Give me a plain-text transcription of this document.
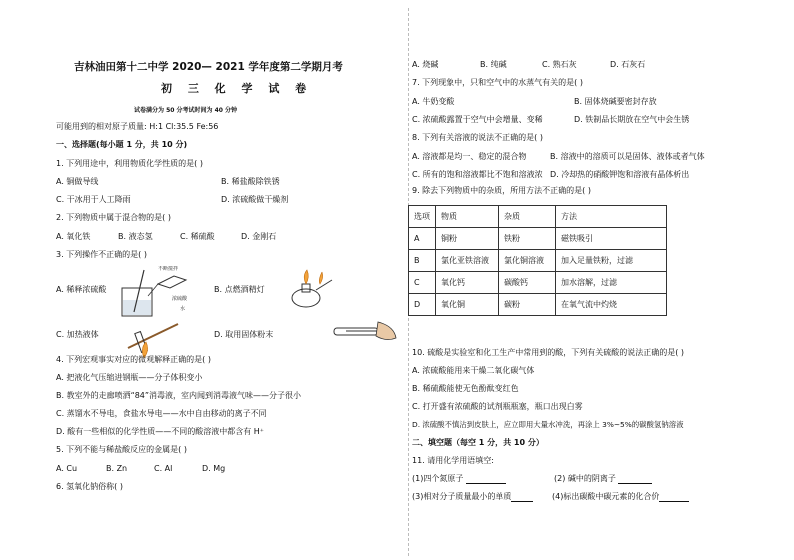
吉林油田第十二中学 2020— 2021 学年度第二学期月考
初 三 化 学 试 卷
试卷满分为 50 分考试时间为 40 分钟
可能用到的相对原子质量: H:1 Cl:35.5 Fe:56
一、选择题(每小题 1 分，共 10 分)
1. 下列用途中，利用物质化学性质的是( )
A. 铜做导线	B. 稀盐酸除铁锈
C. 干冰用于人工降雨	D. 浓硫酸做干燥剂
2. 下列物质中属于混合物的是( )
A. 氧化铁	B. 液态氢	C. 稀硫酸	D. 金刚石
3. 下列操作不正确的是( )
不断搅拌
浓硫酸
水
A. 稀释浓硫酸	B. 点燃酒精灯
C. 加热液体	D. 取用固体粉末
4. 下列宏观事实对应的微观解释正确的是( )
A. 把液化气压缩进钢瓶——分子体积变小
B. 教室外的走廊喷洒“84”消毒液，室内闻到消毒液气味——分子很小
C. 蒸馏水不导电，食盐水导电——水中自由移动的离子不同
D. 酸有一些相似的化学性质——不同的酸溶液中都含有 H⁺
5. 下列不能与稀盐酸反应的金属是( )
A. Cu	B. Zn	C. Al	D. Mg
6. 氢氧化钠俗称( )
A. 烧碱	B. 纯碱	C. 熟石灰	D. 石灰石
7. 下列现象中，只和空气中的水蒸气有关的是( )
A. 牛奶变酸	B. 固体烧碱要密封存放
C. 浓硫酸露置于空气中会增量、变稀	D. 铁制品长期放在空气中会生锈
8. 下列有关溶液的说法不正确的是( )
A. 溶液都是均一、稳定的混合物	B. 溶液中的溶质可以是固体、液体或者气体
C. 所有的饱和溶液都比不饱和溶液浓 D. 冷却热的硝酸钾饱和溶液有晶体析出
9. 除去下列物质中的杂质，所用方法不正确的是( )
选项	物质	杂质	方法
A	铜粉	铁粉	磁铁吸引
B	氯化亚铁溶液	氯化铜溶液	加入足量铁粉，过滤
C	氧化钙	碳酸钙	加水溶解，过滤
D	氧化铜	碳粉	在氧气流中灼烧
10. 硫酸是实验室和化工生产中常用到的酸，下列有关硫酸的说法正确的是( )
A. 浓硫酸能用来干燥二氧化碳气体
B. 稀硫酸能使无色酚酞变红色
C. 打开盛有浓硫酸的试剂瓶瓶塞，瓶口出现白雾
D. 浓硫酸不慎沾到皮肤上，应立即用大量水冲洗，再涂上 3%~5%的碳酸氢钠溶液
二、填空题（每空 1 分，共 10 分）
11. 请用化学用语填空:
(1)四个氮原子	(2) 碱中的阴离子
(3)相对分子质量最小的单质	(4)标出碳酸中碳元素的化合价
